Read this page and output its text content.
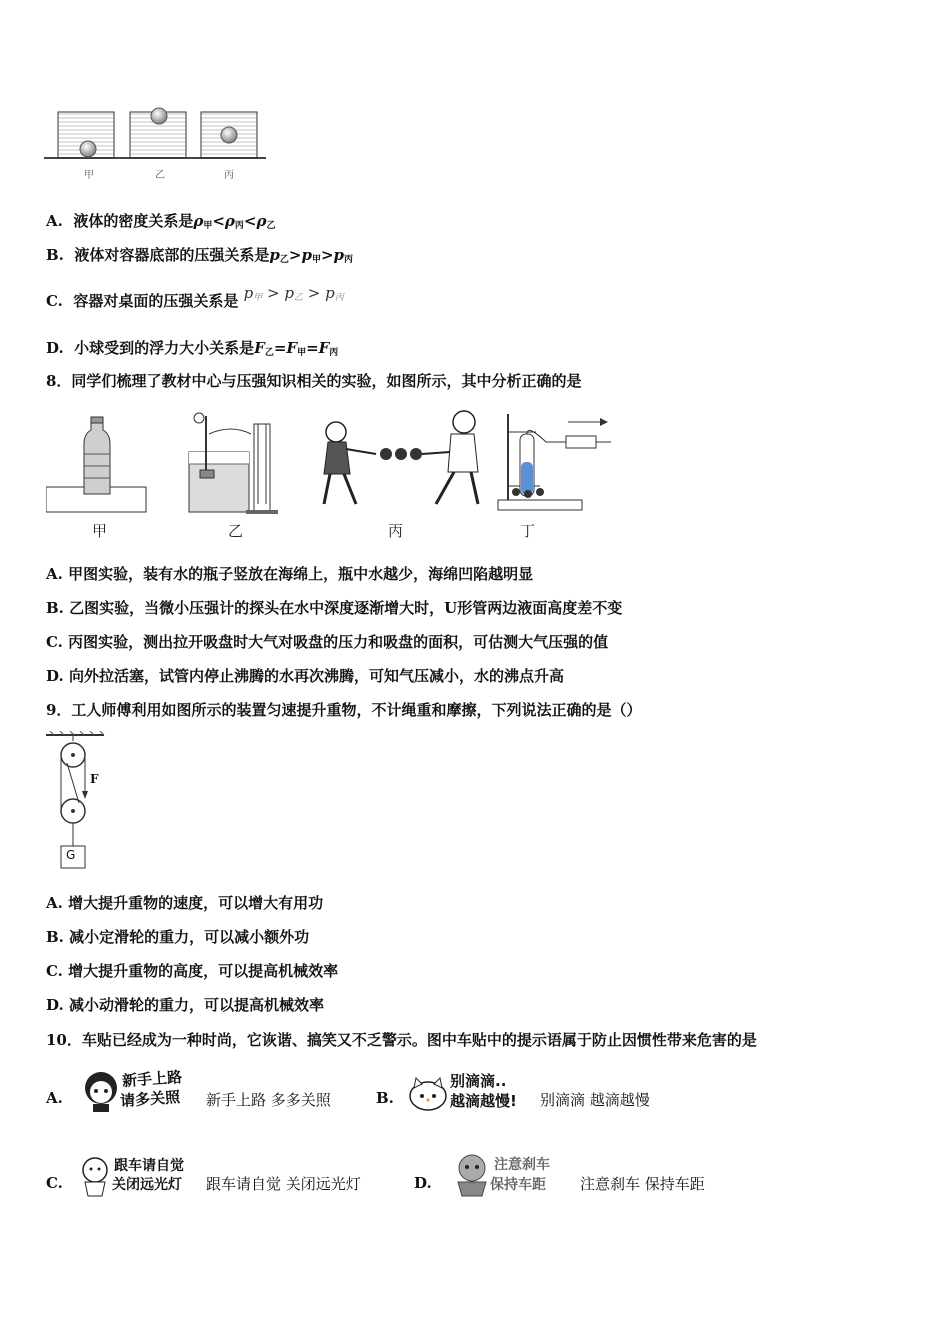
甲	乙	丙
A. 液体的密度关系是$\rho_甲<\rho_丙<\rho_乙$
B. 液体对容器底部的压强关系是$p_乙>p_甲>p_丙$
C. 容器对桌面的压强关系是 $p_甲 > p_乙 > p_丙$
D. 小球受到的浮力大小关系是$F_乙=F_甲=F_丙$
8．同学们梳理了教材中心与压强知识相关的实验，如图所示，其中分析正确的是
甲	乙	丙	丁
A. 甲图实验，装有水的瓶子竖放在海绵上，瓶中水越少，海绵凹陷越明显
B. 乙图实验，当微小压强计的探头在水中深度逐渐增大时，U形管两边液面高度差不变
C. 丙图实验，测出拉开吸盘时大气对吸盘的压力和吸盘的面积，可估测大气压强的值
D. 向外拉活塞，试管内停止沸腾的水再次沸腾，可知气压减小，水的沸点升高
9．工人师傅利用如图所示的装置匀速提升重物，不计绳重和摩擦，下列说法正确的是（）
F
G
A. 增大提升重物的速度，可以增大有用功
B. 减小定滑轮的重力，可以减小额外功
C. 增大提升重物的高度，可以提高机械效率
D. 减小动滑轮的重力，可以提高机械效率
10．车贴已经成为一种时尚，它诙谐、搞笑又不乏警示。图中车贴中的提示语属于防止因惯性带来危害的是
A.
新手上路
请多关照 新手上路 多多关照	B.
别滴滴..
越滴越慢! 别滴滴 越滴越慢
C.
跟车请自觉
关闭远光灯 跟车请自觉 关闭远光灯	D.
注意刹车
保持车距 注意刹车 保持车距
